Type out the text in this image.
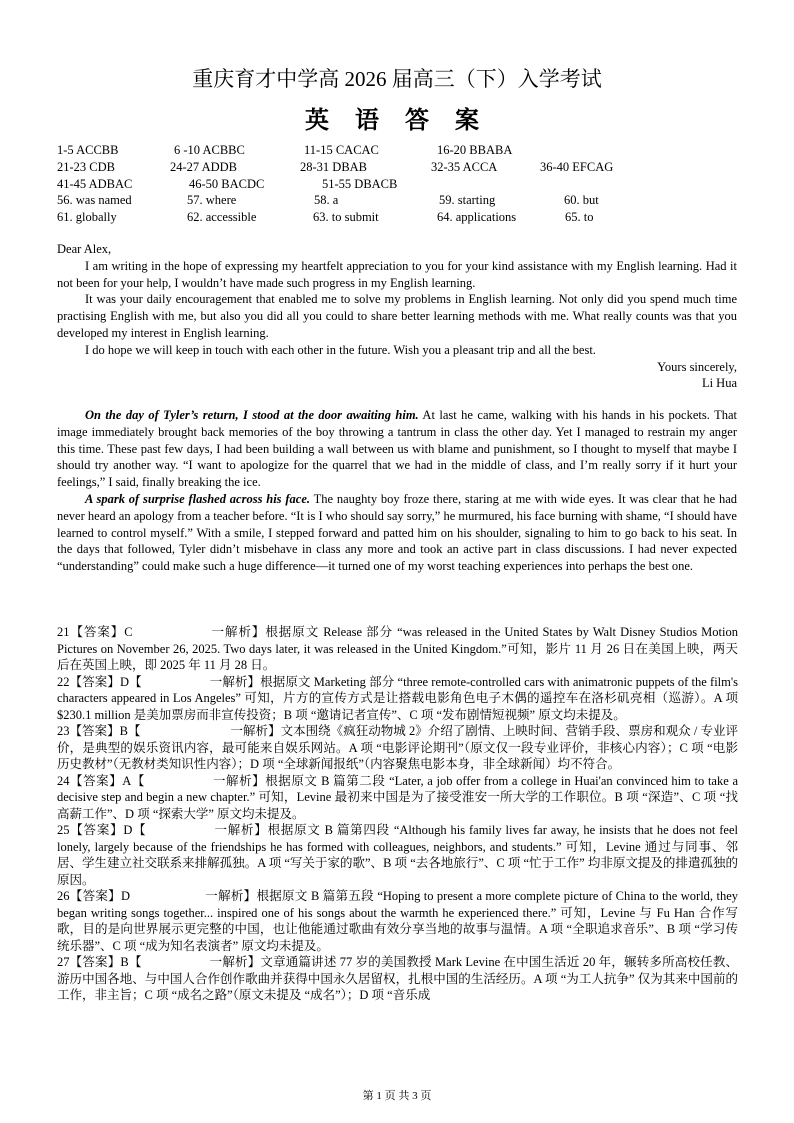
重庆育才中学高 2026 届高三（下）入学考试
英 语 答 案
1-5 ACCBB	6 -10 ACBBC	11-15 CACAC	16-20 BBABA
21-23 CDB	24-27 ADDB	28-31 DBAB	32-35 ACCA	36-40 EFCAG
41-45 ADBAC	46-50 BACDC	51-55 DBACB
56. was named	57. where	58. a	59. starting	60. but
61. globally	62. accessible	63. to submit	64. applications	65. to

Dear Alex,

I am writing in the hope of expressing my heartfelt appreciation to you for your kind assistance with my English learning. Had it not been for your help, I wouldn’t have made such progress in my English learning.

It was your daily encouragement that enabled me to solve my problems in English learning. Not only did you spend much time practising English with me, but also you did all you could to share better learning methods with me. What really counts was that you developed my interest in English learning.

I do hope we will keep in touch with each other in the future. Wish you a pleasant trip and all the best.

Yours sincerely,

Li Hua

On the day of Tyler’s return, I stood at the door awaiting him. At last he came, walking with his hands in his pockets. That image immediately brought back memories of the boy throwing a tantrum in class the other day. Yet I managed to restrain my anger this time. These past few days, I had been building a wall between us with blame and punishment, so I thought to myself that maybe I should try another way. “I want to apologize for the quarrel that we had in the middle of class, and I’m really sorry if it hurt your feelings,” I said, finally breaking the ice.

A spark of surprise flashed across his face. The naughty boy froze there, staring at me with wide eyes. It was clear that he had never heard an apology from a teacher before. “It is I who should say sorry,” he murmured, his face burning with shame, “I should have learned to control myself.” With a smile, I stepped forward and patted him on his shoulder, signaling to him to go back to his seat. In the days that followed, Tyler didn’t misbehave in class any more and took an active part in class discussions. I had never expected “understanding” could make such a huge difference—it turned one of my worst teaching experiences into perhaps the best one.

21【答案】C	一解析】根据原文 Release 部分 “was released in the United States by Walt Disney Studios Motion Pictures on November 26, 2025. Two days later, it was released in the United Kingdom.”可知，影片 11 月 26 日在美国上映，两天后在英国上映，即 2025 年 11 月 28 日。
22【答案】D【	一解析】根据原文 Marketing 部分 “three remote-controlled cars with animatronic puppets of the film's characters appeared in Los Angeles” 可知，片方的宣传方式是让搭载电影角色电子木偶的遥控车在洛杉矶亮相（巡游）。A 项 $230.1 million 是美加票房而非宣传投资；B 项 “邀请记者宣传”、C 项 “发布剧情短视频” 原文均未提及。
23【答案】B【	一解析】文本围绕《疯狂动物城 2》介绍了剧情、上映时间、营销手段、票房和观众 / 专业评价，是典型的娱乐资讯内容，最可能来自娱乐网站。A 项 “电影评论期刊”（原文仅一段专业评价，非核心内容）；C 项 “电影历史教材”（无教材类知识性内容）；D 项 “全球新闻报纸”（内容聚焦电影本身，非全球新闻）均不符合。
24【答案】A【	一解析】根据原文 B 篇第二段 “Later, a job offer from a college in Huai'an convinced him to take a decisive step and begin a new chapter.” 可知，Levine 最初来中国是为了接受淮安一所大学的工作职位。B 项 “深造”、C 项 “找高薪工作”、D 项 “探索大学” 原文均未提及。
25【答案】D【	一解析】根据原文 B 篇第四段 “Although his family lives far away, he insists that he does not feel lonely, largely because of the friendships he has formed with colleagues, neighbors, and students.” 可知，Levine 通过与同事、邻居、学生建立社交联系来排解孤独。A 项 “写关于家的歌”、B 项 “去各地旅行”、C 项 “忙于工作” 均非原文提及的排遣孤独的原因。
26【答案】D	一解析】根据原文 B 篇第五段 “Hoping to present a more complete picture of China to the world, they began writing songs together... inspired one of his songs about the warmth he experienced there.” 可知，Levine 与 Fu Han 合作写歌，目的是向世界展示更完整的中国，也让他能通过歌曲有效分享当地的故事与温情。A 项 “全职追求音乐”、B 项 “学习传统乐器”、C 项 “成为知名表演者” 原文均未提及。
27【答案】B【	一解析】文章通篇讲述 77 岁的美国教授 Mark Levine 在中国生活近 20 年，辗转多所高校任教、游历中国各地、与中国人合作创作歌曲并获得中国永久居留权，扎根中国的生活经历。A 项 “为工人抗争” 仅为其来中国前的工作，非主旨；C 项 “成名之路”（原文未提及 “成名”）；D 项 “音乐成
第 1 页 共 3 页
